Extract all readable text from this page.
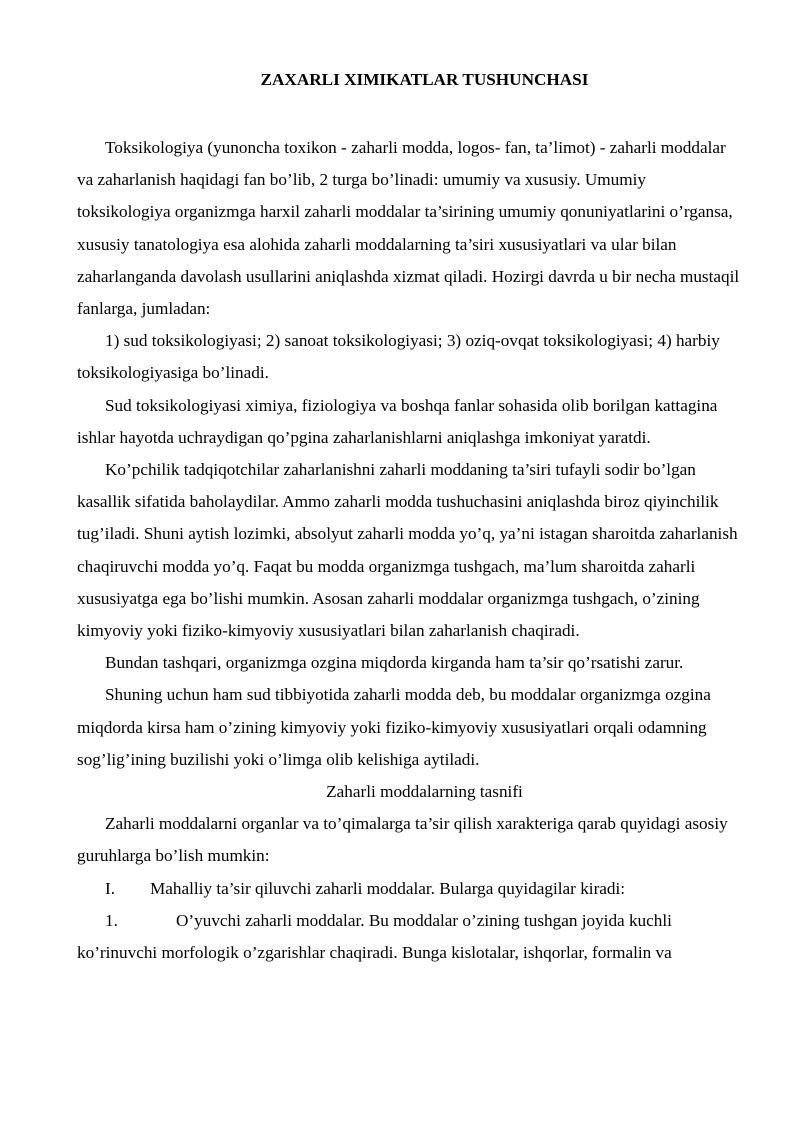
ZAXARLI XIMIKATLAR TUSHUNCHASI

Toksikologiya (yunoncha toxikon - zaharli modda, logos- fan, ta’limot) - zaharli moddalar va zaharlanish haqidagi fan bo’lib, 2 turga bo’linadi: umumiy va xususiy. Umumiy toksikologiya organizmga harxil zaharli moddalar ta’sirining umumiy qonuniyatlarini o’rgansa, xususiy tanatologiya esa alohida zaharli moddalarning ta’siri xususiyatlari va ular bilan zaharlanganda davolash usullarini aniqlashda xizmat qiladi. Hozirgi davrda u bir necha mustaqil fanlarga, jumladan:

1) sud toksikologiyasi; 2) sanoat toksikologiyasi; 3) oziq-ovqat toksikologiyasi; 4) harbiy toksikologiyasiga bo’linadi.

Sud toksikologiyasi ximiya, fiziologiya va boshqa fanlar sohasida olib borilgan kattagina ishlar hayotda uchraydigan qo’pgina zaharlanishlarni aniqlashga imkoniyat yaratdi.

Ko’pchilik tadqiqotchilar zaharlanishni zaharli moddaning ta’siri tufayli sodir bo’lgan kasallik sifatida baholaydilar. Ammo zaharli modda tushuchasini aniqlashda biroz qiyinchilik tug’iladi. Shuni aytish lozimki, absolyut zaharli modda yo’q, ya’ni istagan sharoitda zaharlanish chaqiruvchi modda yo’q. Faqat bu modda organizmga tushgach, ma’lum sharoitda zaharli xususiyatga ega bo’lishi mumkin. Asosan zaharli moddalar organizmga tushgach, o’zining kimyoviy yoki fiziko-kimyoviy xususiyatlari bilan zaharlanish chaqiradi.

Bundan tashqari, organizmga ozgina miqdorda kirganda ham ta’sir qo’rsatishi zarur.

Shuning uchun ham sud tibbiyotida zaharli modda deb, bu moddalar organizmga ozgina miqdorda kirsa ham o’zining kimyoviy yoki fiziko-kimyoviy xususiyatlari orqali odamning sog’lig’ining buzilishi yoki o’limga olib kelishiga aytiladi.

Zaharli moddalarning tasnifi

Zaharli moddalarni organlar va to’qimalarga ta’sir qilish xarakteriga qarab quyidagi asosiy guruhlarga bo’lish mumkin:

I. Mahalliy ta’sir qiluvchi zaharli moddalar. Bularga quyidagilar kiradi:

1.	O’yuvchi zaharli moddalar. Bu moddalar o’zining tushgan joyida kuchli ko’rinuvchi morfologik o’zgarishlar chaqiradi. Bunga kislotalar, ishqorlar, formalin va
